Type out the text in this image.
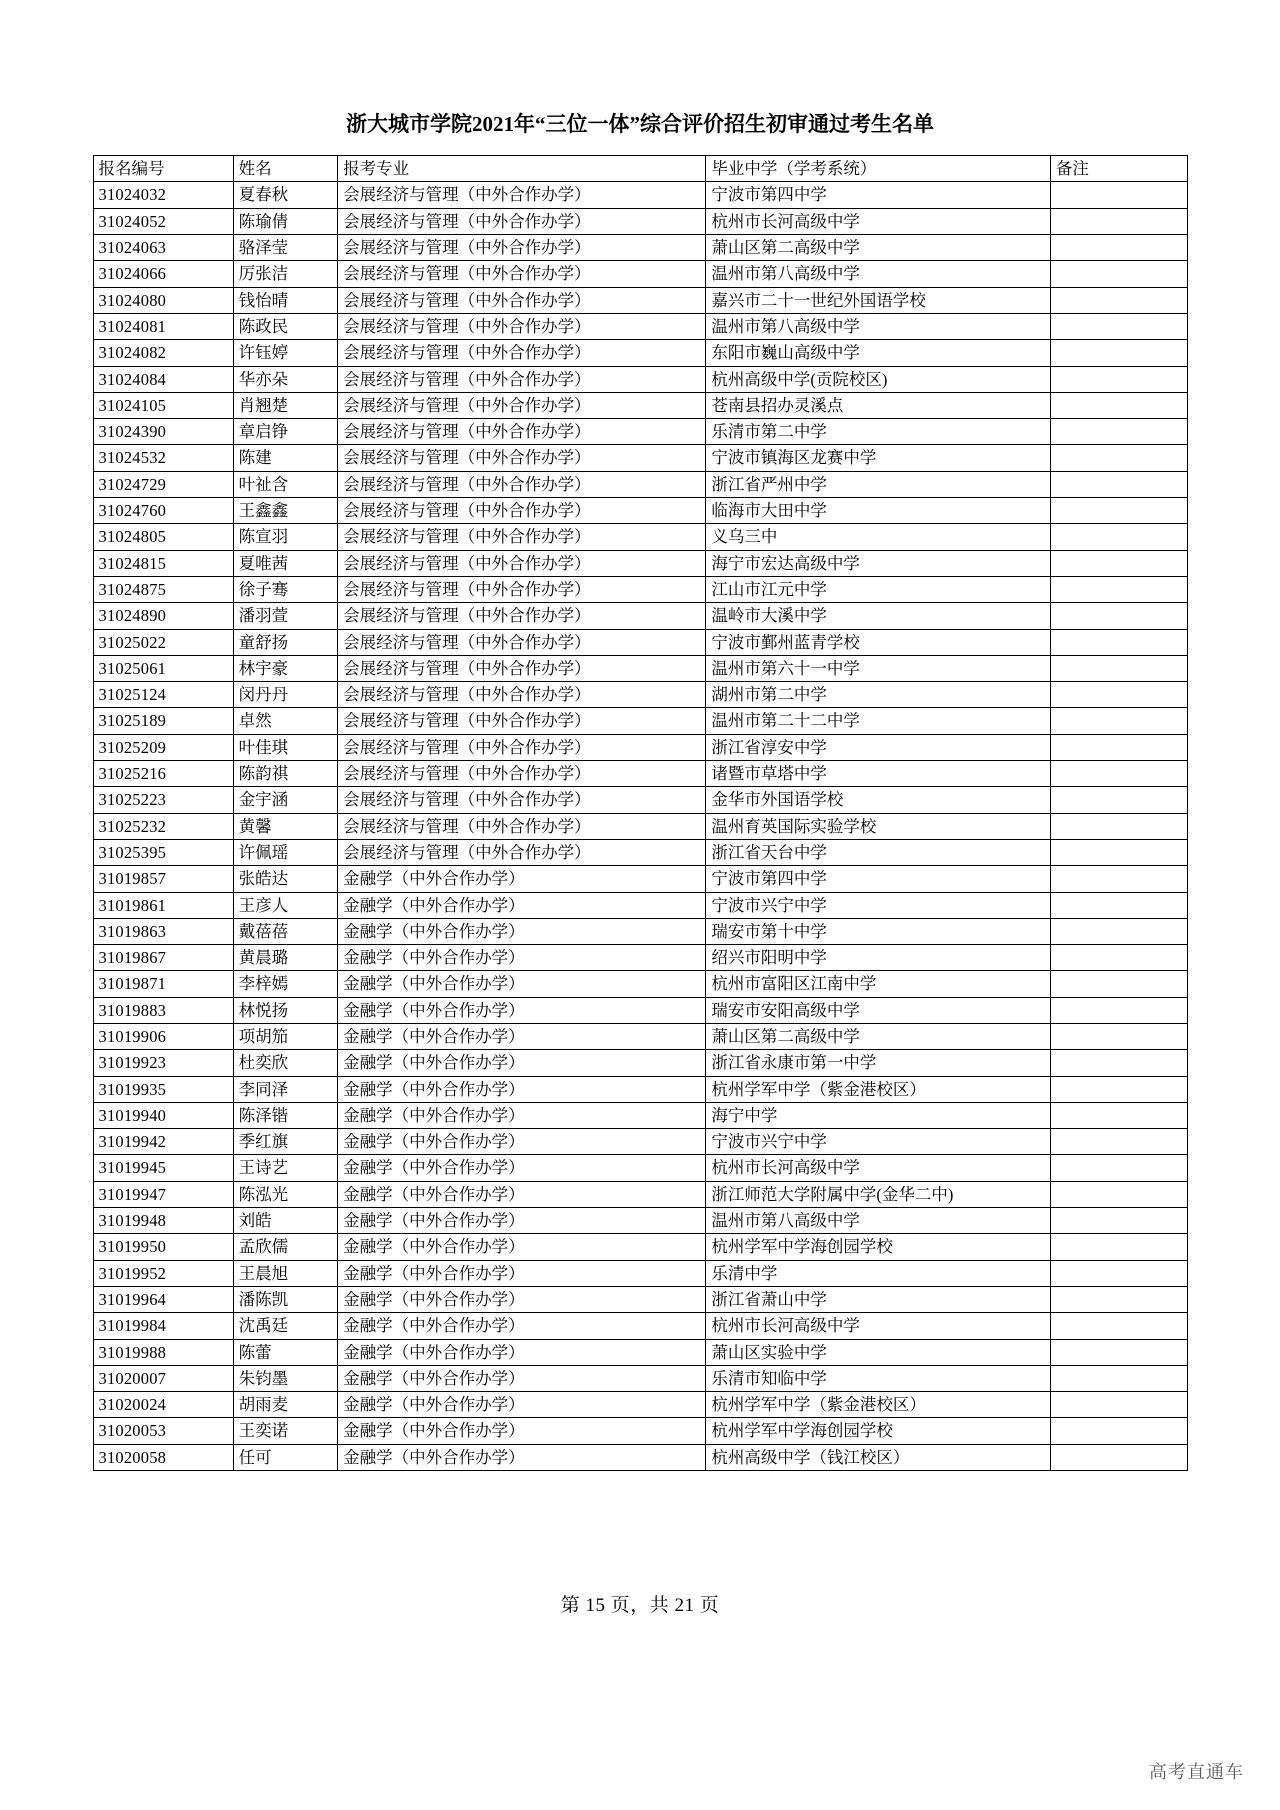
浙大城市学院2021年“三位一体”综合评价招生初审通过考生名单
报名编号	姓名	报考专业	毕业中学（学考系统）	备注
31024032	夏春秋	会展经济与管理（中外合作办学）	宁波市第四中学	
31024052	陈瑜倩	会展经济与管理（中外合作办学）	杭州市长河高级中学	
31024063	骆泽莹	会展经济与管理（中外合作办学）	萧山区第二高级中学	
31024066	厉张洁	会展经济与管理（中外合作办学）	温州市第八高级中学	
31024080	钱怡晴	会展经济与管理（中外合作办学）	嘉兴市二十一世纪外国语学校	
31024081	陈政民	会展经济与管理（中外合作办学）	温州市第八高级中学	
31024082	许钰婷	会展经济与管理（中外合作办学）	东阳市巍山高级中学	
31024084	华亦朵	会展经济与管理（中外合作办学）	杭州高级中学(贡院校区)	
31024105	肖翘楚	会展经济与管理（中外合作办学）	苍南县招办灵溪点	
31024390	章启铮	会展经济与管理（中外合作办学）	乐清市第二中学	
31024532	陈建	会展经济与管理（中外合作办学）	宁波市镇海区龙赛中学	
31024729	叶祉含	会展经济与管理（中外合作办学）	浙江省严州中学	
31024760	王鑫鑫	会展经济与管理（中外合作办学）	临海市大田中学	
31024805	陈宣羽	会展经济与管理（中外合作办学）	义乌三中	
31024815	夏唯茜	会展经济与管理（中外合作办学）	海宁市宏达高级中学	
31024875	徐子骞	会展经济与管理（中外合作办学）	江山市江元中学	
31024890	潘羽萱	会展经济与管理（中外合作办学）	温岭市大溪中学	
31025022	童舒扬	会展经济与管理（中外合作办学）	宁波市鄞州蓝青学校	
31025061	林宇豪	会展经济与管理（中外合作办学）	温州市第六十一中学	
31025124	闵丹丹	会展经济与管理（中外合作办学）	湖州市第二中学	
31025189	卓然	会展经济与管理（中外合作办学）	温州市第二十二中学	
31025209	叶佳琪	会展经济与管理（中外合作办学）	浙江省淳安中学	
31025216	陈韵祺	会展经济与管理（中外合作办学）	诸暨市草塔中学	
31025223	金宇涵	会展经济与管理（中外合作办学）	金华市外国语学校	
31025232	黄馨	会展经济与管理（中外合作办学）	温州育英国际实验学校	
31025395	许佩瑶	会展经济与管理（中外合作办学）	浙江省天台中学	
31019857	张皓达	金融学（中外合作办学）	宁波市第四中学	
31019861	王彦人	金融学（中外合作办学）	宁波市兴宁中学	
31019863	戴蓓蓓	金融学（中外合作办学）	瑞安市第十中学	
31019867	黄晨璐	金融学（中外合作办学）	绍兴市阳明中学	
31019871	李梓嫣	金融学（中外合作办学）	杭州市富阳区江南中学	
31019883	林悦扬	金融学（中外合作办学）	瑞安市安阳高级中学	
31019906	项胡笳	金融学（中外合作办学）	萧山区第二高级中学	
31019923	杜奕欣	金融学（中外合作办学）	浙江省永康市第一中学	
31019935	李同泽	金融学（中外合作办学）	杭州学军中学（紫金港校区）	
31019940	陈泽锴	金融学（中外合作办学）	海宁中学	
31019942	季红旗	金融学（中外合作办学）	宁波市兴宁中学	
31019945	王诗艺	金融学（中外合作办学）	杭州市长河高级中学	
31019947	陈泓光	金融学（中外合作办学）	浙江师范大学附属中学(金华二中)	
31019948	刘皓	金融学（中外合作办学）	温州市第八高级中学	
31019950	孟欣儒	金融学（中外合作办学）	杭州学军中学海创园学校	
31019952	王晨旭	金融学（中外合作办学）	乐清中学	
31019964	潘陈凯	金融学（中外合作办学）	浙江省萧山中学	
31019984	沈禹廷	金融学（中外合作办学）	杭州市长河高级中学	
31019988	陈蕾	金融学（中外合作办学）	萧山区实验中学	
31020007	朱钧墨	金融学（中外合作办学）	乐清市知临中学	
31020024	胡雨麦	金融学（中外合作办学）	杭州学军中学（紫金港校区）	
31020053	王奕诺	金融学（中外合作办学）	杭州学军中学海创园学校	
31020058	任可	金融学（中外合作办学）	杭州高级中学（钱江校区）	
第 15 页，共 21 页
高考直通车
